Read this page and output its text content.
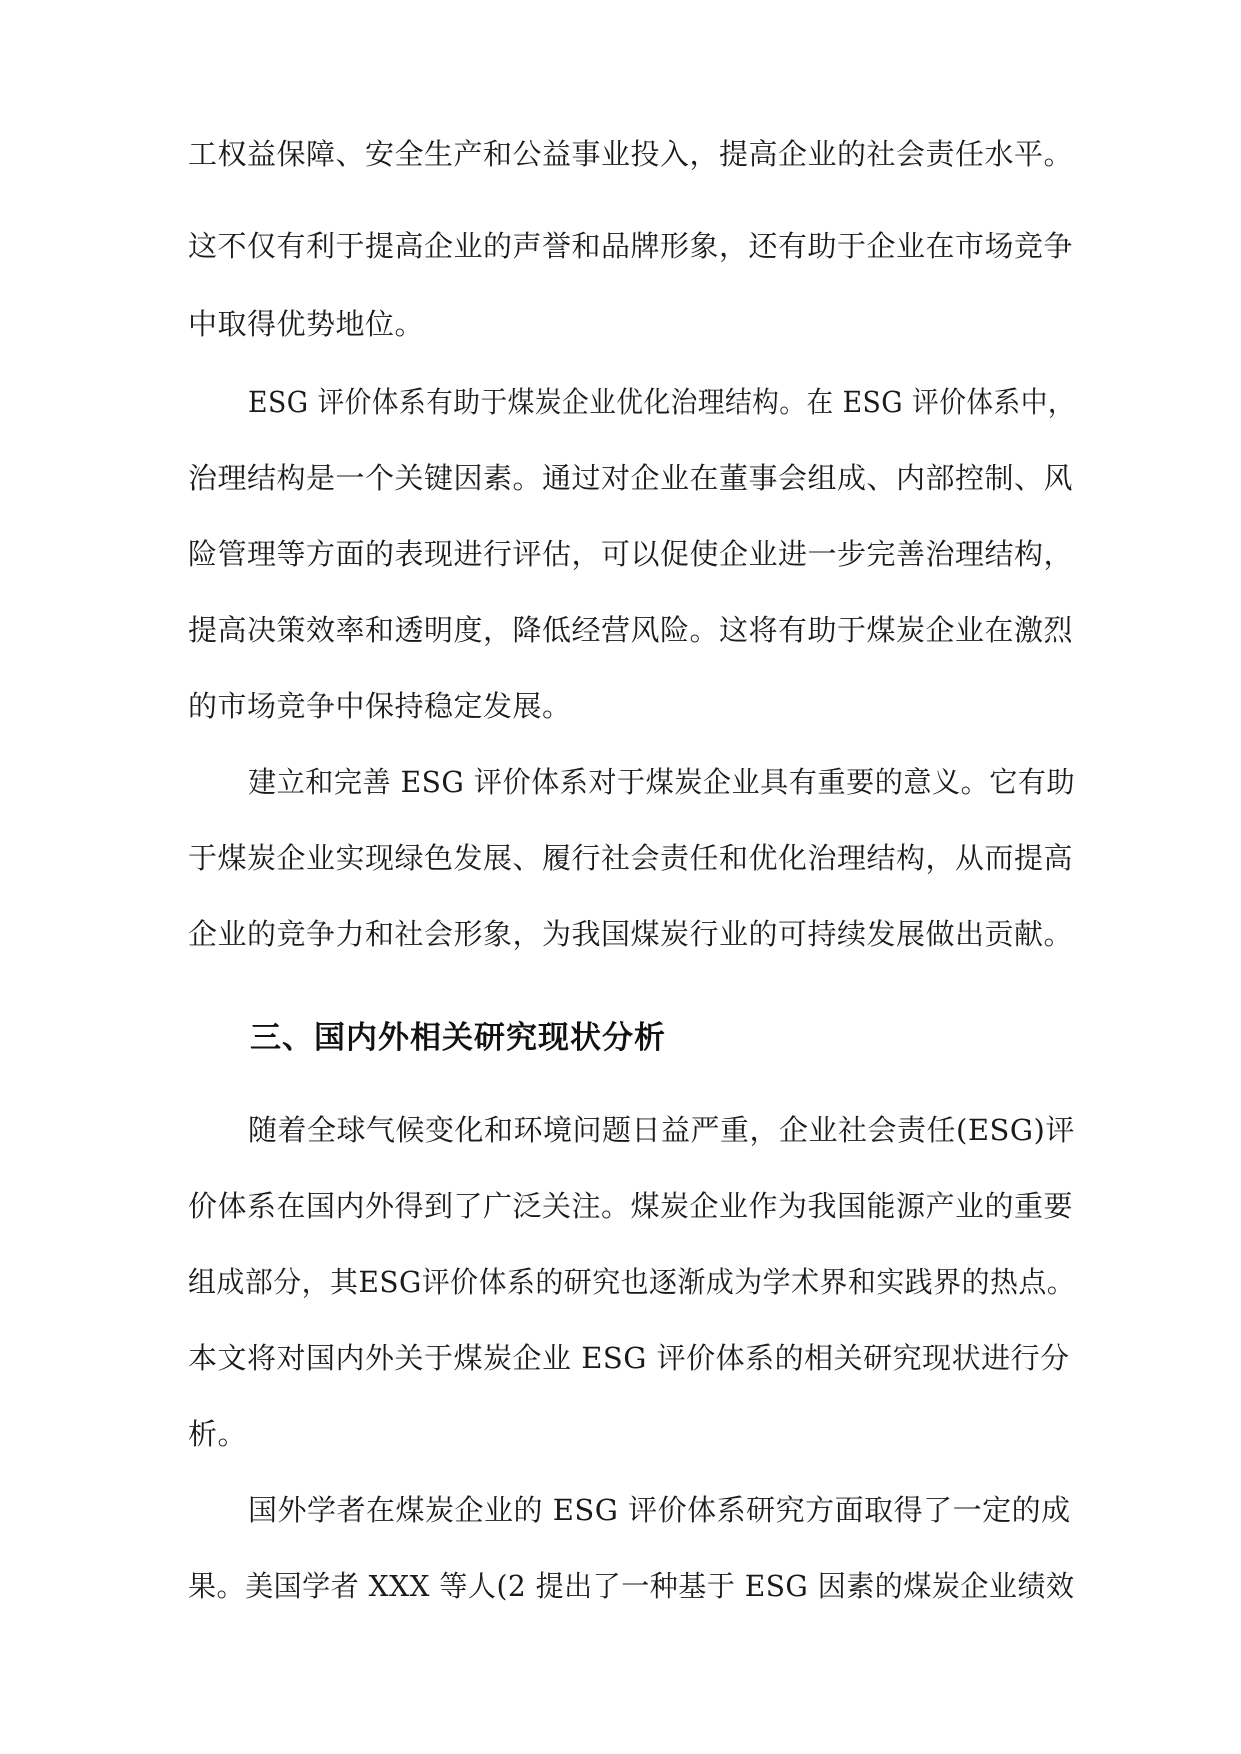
工权益保障、安全生产和公益事业投入，提高企业的社会责任水平。

这不仅有利于提高企业的声誉和品牌形象，还有助于企业在市场竞争

中取得优势地位。

ESG 评价体系有助于煤炭企业优化治理结构。在 ESG 评价体系中，

治理结构是一个关键因素。通过对企业在董事会组成、内部控制、风

险管理等方面的表现进行评估，可以促使企业进一步完善治理结构，

提高决策效率和透明度，降低经营风险。这将有助于煤炭企业在激烈

的市场竞争中保持稳定发展。

建立和完善 ESG 评价体系对于煤炭企业具有重要的意义。它有助

于煤炭企业实现绿色发展、履行社会责任和优化治理结构，从而提高

企业的竞争力和社会形象，为我国煤炭行业的可持续发展做出贡献。

三、国内外相关研究现状分析

随着全球气候变化和环境问题日益严重，企业社会责任(ESG)评

价体系在国内外得到了广泛关注。煤炭企业作为我国能源产业的重要

组成部分，其ESG评价体系的研究也逐渐成为学术界和实践界的热点。

本文将对国内外关于煤炭企业 ESG 评价体系的相关研究现状进行分

析。

国外学者在煤炭企业的 ESG 评价体系研究方面取得了一定的成

果。美国学者 XXX 等人(2 提出了一种基于 ESG 因素的煤炭企业绩效
